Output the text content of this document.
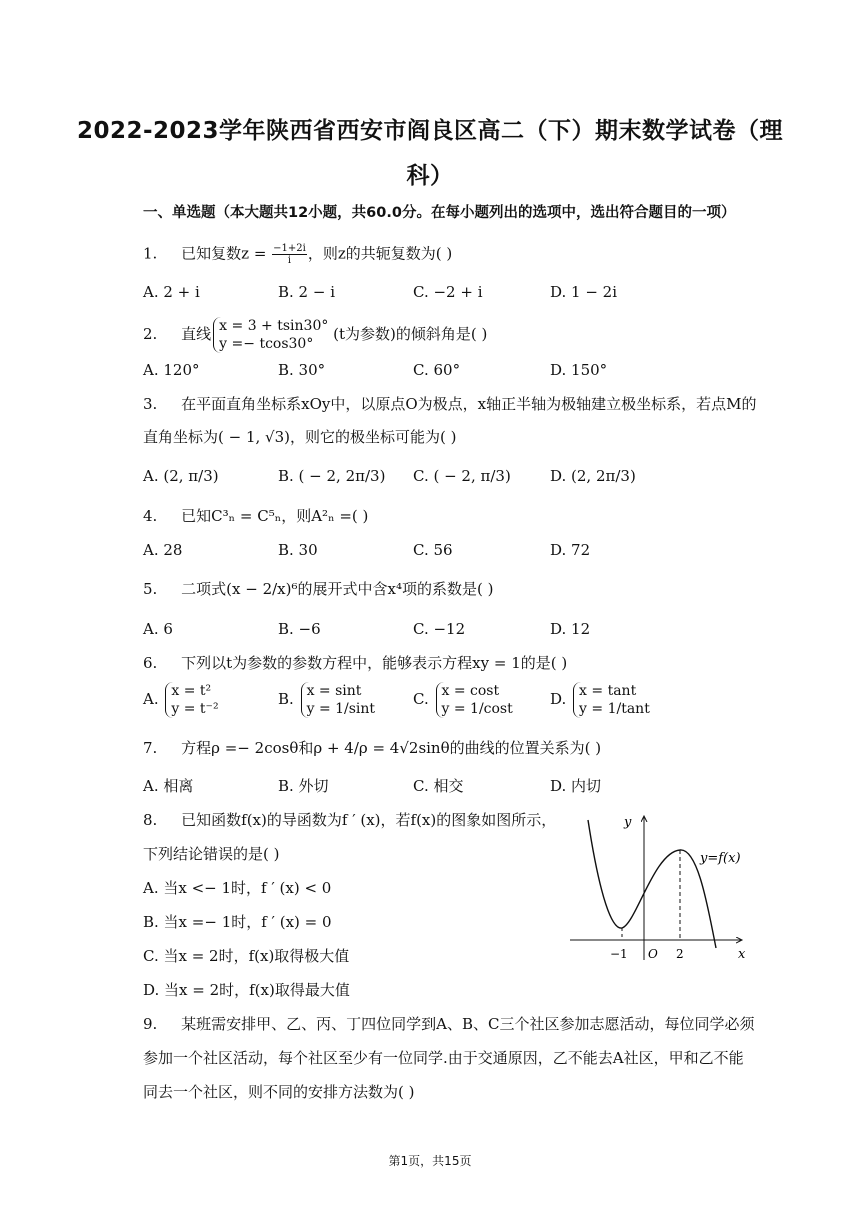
2022-2023学年陕西省西安市阎良区高二（下）期末数学试卷（理
科）
一、单选题（本大题共12小题，共60.0分。在每小题列出的选项中，选出符合题目的一项）
1. 已知复数$z = \frac{-1+2i}{i}$ ，则z的共轭复数为( )
A. 2 + i	B. 2 − i	C. −2 + i	D. 1 − 2i
2. 直线 x = 3 + tsin30°
y =− tcos30°
(t为参数)的倾斜角是( )
A. 120°	B. 30°	C. 60°	D. 150°
3. 在平面直角坐标系xOy中，以原点O为极点，x轴正半轴为极轴建立极坐标系，若点M的
直角坐标为( − 1, √3)，则它的极坐标可能为( )
A. (2, π/3)	B. ( − 2, 2π/3) C. ( − 2, π/3)	D. (2, 2π/3)
4. 已知C³ₙ = C⁵ₙ，则A²ₙ =( )
A. 28	B. 30	C. 56	D. 72
5. 二项式(x − 2/x)⁶的展开式中含x⁴项的系数是( )
A. 6	B. −6	C. −12	D. 12
6. 下列以t为参数的参数方程中，能够表示方程xy = 1的是( )
A. x = t²
y = t⁻²
B. x = sint
y = 1/sint
C. x = cost
y = 1/cost
D. x = tant
y = 1/tant
7. 方程ρ =− 2cosθ和ρ + 4/ρ = 4√2sinθ的曲线的位置关系为( )
A. 相离	B. 外切	C. 相交	D. 内切
8. 已知函数f(x)的导函数为f ′ (x)，若f(x)的图象如图所示，
下列结论错误的是( )
A. 当x <− 1时，f ′ (x) < 0
B. 当x =− 1时，f ′ (x) = 0
C. 当x = 2时，f(x)取得极大值
D. 当x = 2时，f(x)取得最大值
y
x
y=f(x)
−1 O 2
9. 某班需安排甲、乙、丙、丁四位同学到A、B、C三个社区参加志愿活动，每位同学必须
参加一个社区活动，每个社区至少有一位同学.由于交通原因，乙不能去A社区，甲和乙不能
同去一个社区，则不同的安排方法数为( )
第1页，共15页
